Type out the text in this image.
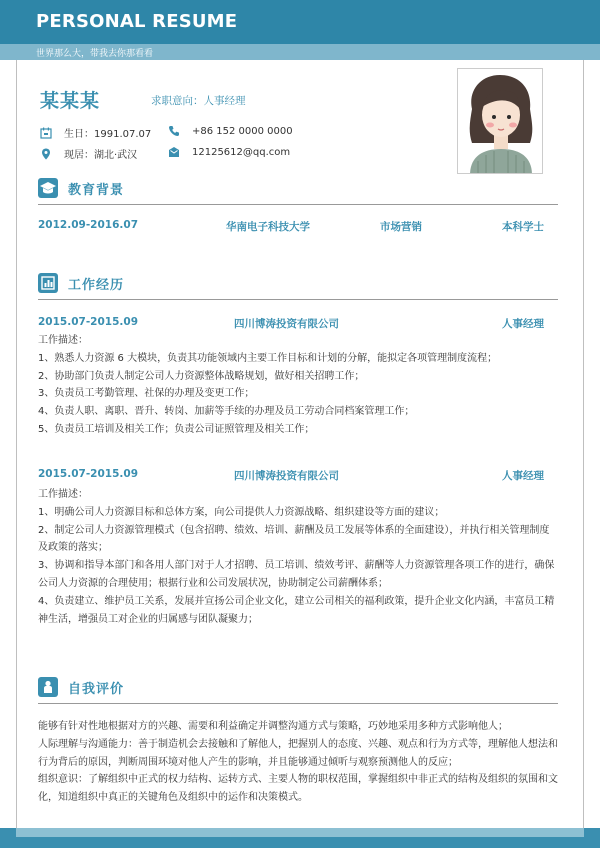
PERSONAL RESUME
世界那么大，带我去你那看看
某某某	求职意向：人事经理
生日：1991.07.07	+86 152 0000 0000
现居：湖北·武汉	12125612@qq.com
教育背景
2012.09-2016.07	华南电子科技大学	市场营销	本科学士
工作经历
2015.07-2015.09	四川博涛投资有限公司	人事经理
工作描述：
1、熟悉人力资源 6 大模块，负责其功能领域内主要工作目标和计划的分解，能拟定各项管理制度流程；
2、协助部门负责人制定公司人力资源整体战略规划，做好相关招聘工作；
3、负责员工考勤管理、社保的办理及变更工作；
4、负责人职、离职、晋升、转岗、加薪等手续的办理及员工劳动合同档案管理工作；
5、负责员工培训及相关工作；负责公司证照管理及相关工作；
2015.07-2015.09	四川博涛投资有限公司	人事经理
工作描述：
1、明确公司人力资源目标和总体方案，向公司提供人力资源战略、组织建设等方面的建议；
2、制定公司人力资源管理模式（包含招聘、绩效、培训、薪酬及员工发展等体系的全面建设），并执行相关管理制度及政策的落实；
3、协调和指导本部门和各用人部门对于人才招聘、员工培训、绩效考评、薪酬等人力资源管理各项工作的进行，确保公司人力资源的合理使用；根据行业和公司发展状况，协助制定公司薪酬体系；
4、负责建立、维护员工关系，发展并宣扬公司企业文化，建立公司相关的福利政策，提升企业文化内涵，丰富员工精神生活，增强员工对企业的归属感与团队凝聚力；
自我评价
能够有针对性地根据对方的兴趣、需要和利益确定并调整沟通方式与策略，巧妙地采用多种方式影响他人；
人际理解与沟通能力：善于制造机会去接触和了解他人，把握别人的态度、兴趣、观点和行为方式等，理解他人想法和行为背后的原因，判断周围环境对他人产生的影响，并且能够通过倾听与观察预测他人的反应；
组织意识：了解组织中正式的权力结构、运转方式、主要人物的职权范围，掌握组织中非正式的结构及组织的氛围和文化，知道组织中真正的关键角色及组织中的运作和决策模式。
